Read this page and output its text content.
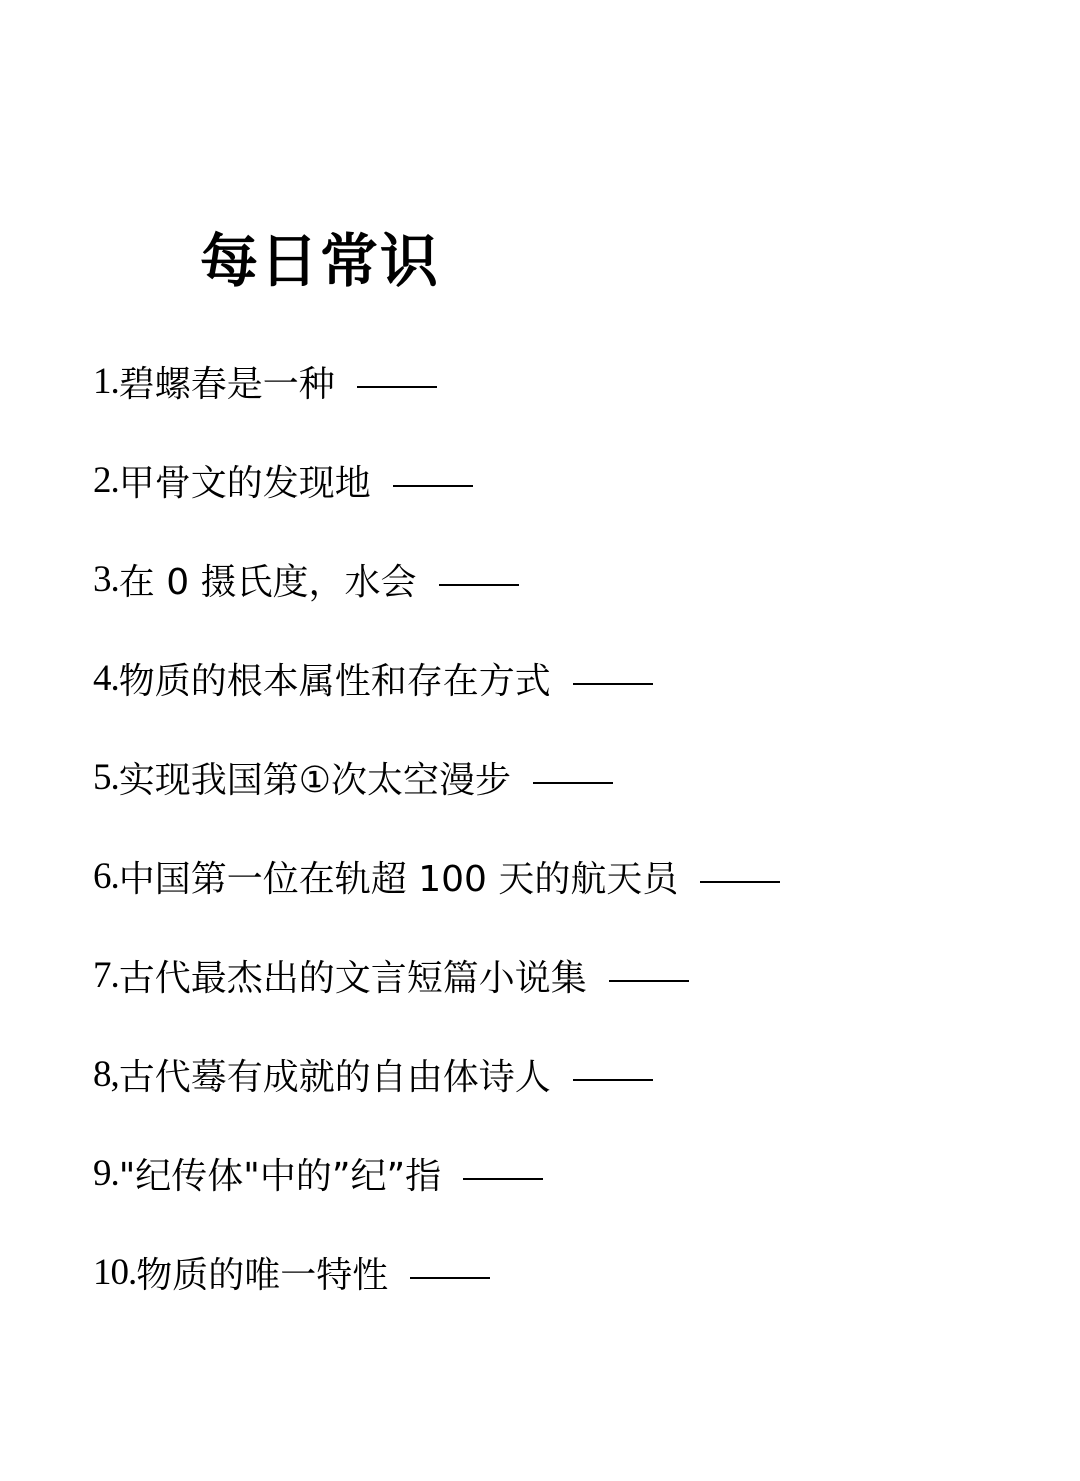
每日常识
1. 碧螺春是一种
2. 甲骨文的发现地
3. 在 0 摄氏度，水会
4. 物质的根本属性和存在方式
5. 实现我国第①次太空漫步
6. 中国第一位在轨超 100 天的航天员
7. 古代最杰出的文言短篇小说集
8, 古代蓦有成就的自由体诗人
9. "纪传体"中的”纪”指
10. 物质的唯一特性
